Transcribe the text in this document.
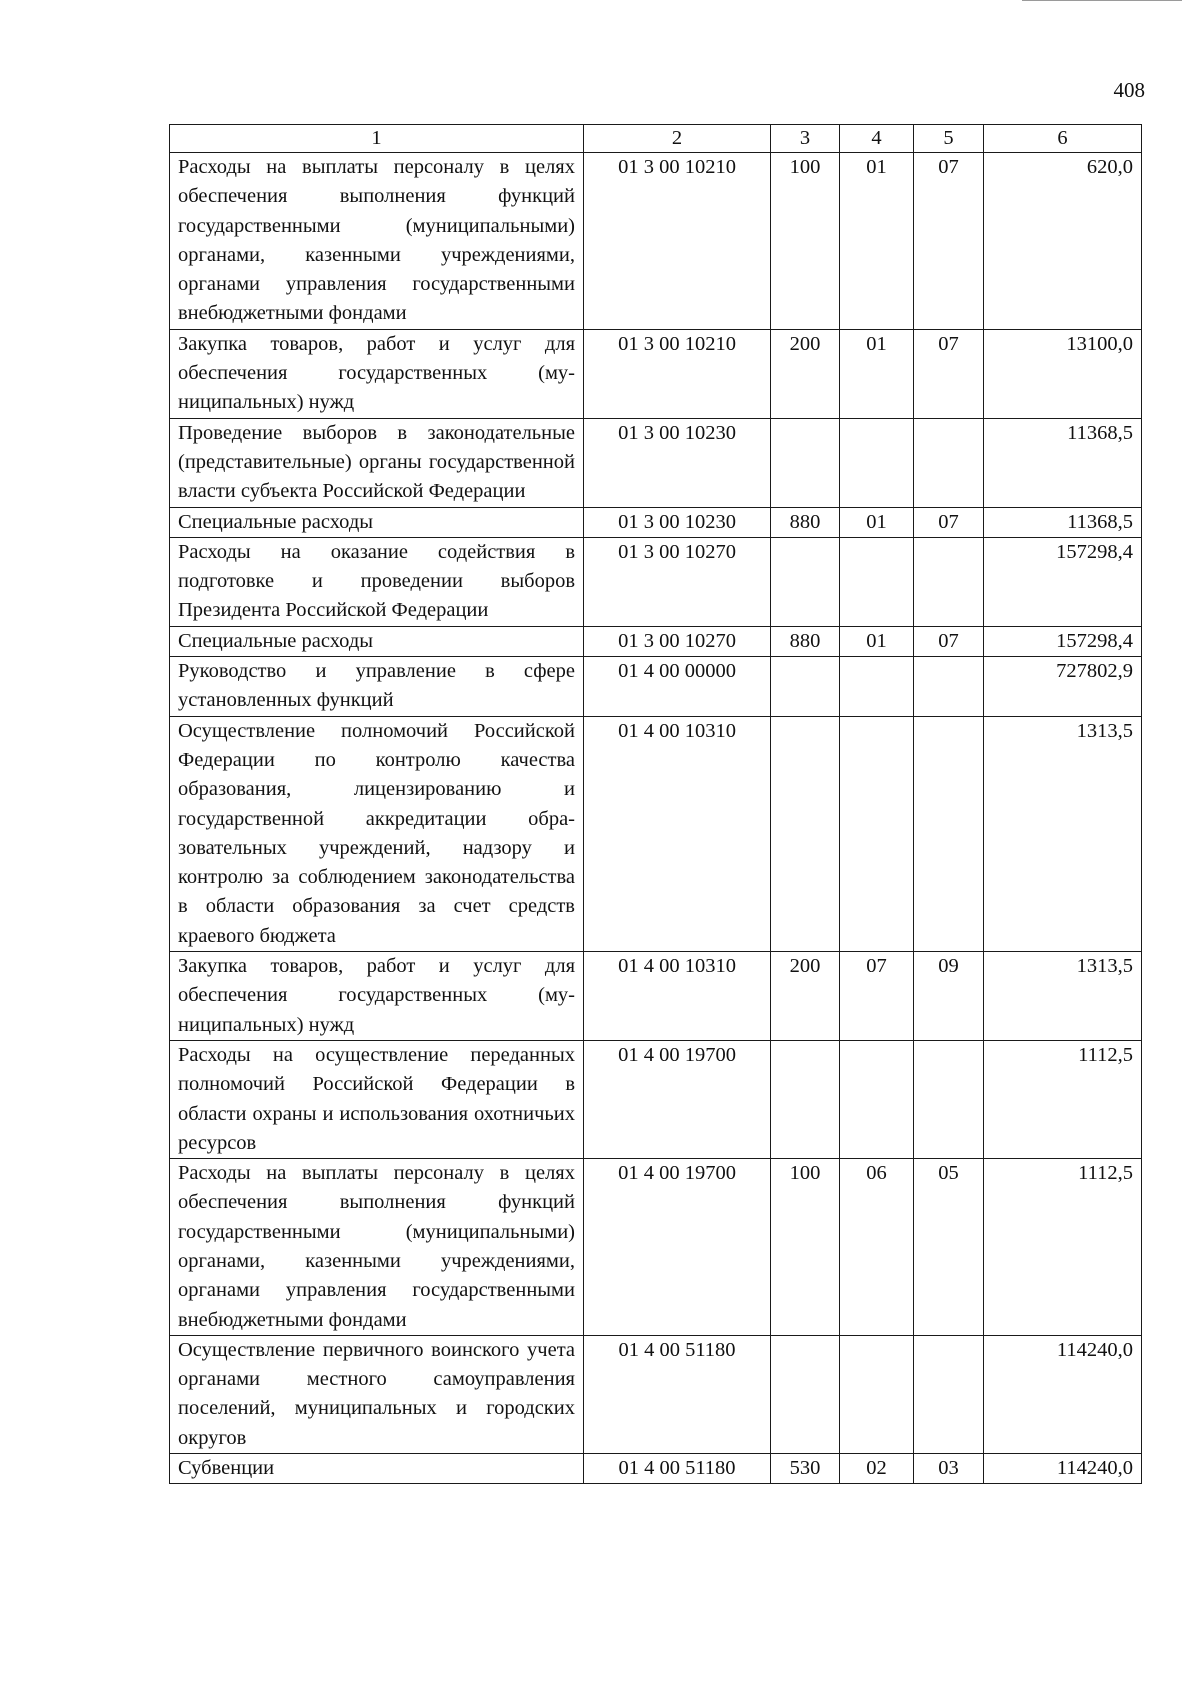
408
1	2	3	4	5	6
Расходы на выплаты персоналу в целях обеспечения выполнения функций государственными (муниципальными) органами, казенными учреждениями, органами управления государственными внебюджетными фондами	01 3 00 10210	100	01	07	620,0
Закупка товаров, работ и услуг для обеспечения государственных (муниципальных) нужд	01 3 00 10210	200	01	07	13100,0
Проведение выборов в законодательные (представительные) органы государственной власти субъекта Российской Федерации	01 3 00 10230				11368,5
Специальные расходы	01 3 00 10230	880	01	07	11368,5
Расходы на оказание содействия в подготовке и проведении выборов Президента Российской Федерации	01 3 00 10270				157298,4
Специальные расходы	01 3 00 10270	880	01	07	157298,4
Руководство и управление в сфере установленных функций	01 4 00 00000				727802,9
Осуществление полномочий Российской Федерации по контролю качества образования, лицензированию и государственной аккредитации образовательных учреждений, надзору и контролю за соблюдением законодательства в области образования за счет средств краевого бюджета	01 4 00 10310				1313,5
Закупка товаров, работ и услуг для обеспечения государственных (муниципальных) нужд	01 4 00 10310	200	07	09	1313,5
Расходы на осуществление переданных полномочий Российской Федерации в области охраны и использования охотничьих ресурсов	01 4 00 19700				1112,5
Расходы на выплаты персоналу в целях обеспечения выполнения функций государственными (муниципальными) органами, казенными учреждениями, органами управления государственными внебюджетными фондами	01 4 00 19700	100	06	05	1112,5
Осуществление первичного воинского учета органами местного самоуправления поселений, муниципальных и городских округов	01 4 00 51180				114240,0
Субвенции	01 4 00 51180	530	02	03	114240,0
